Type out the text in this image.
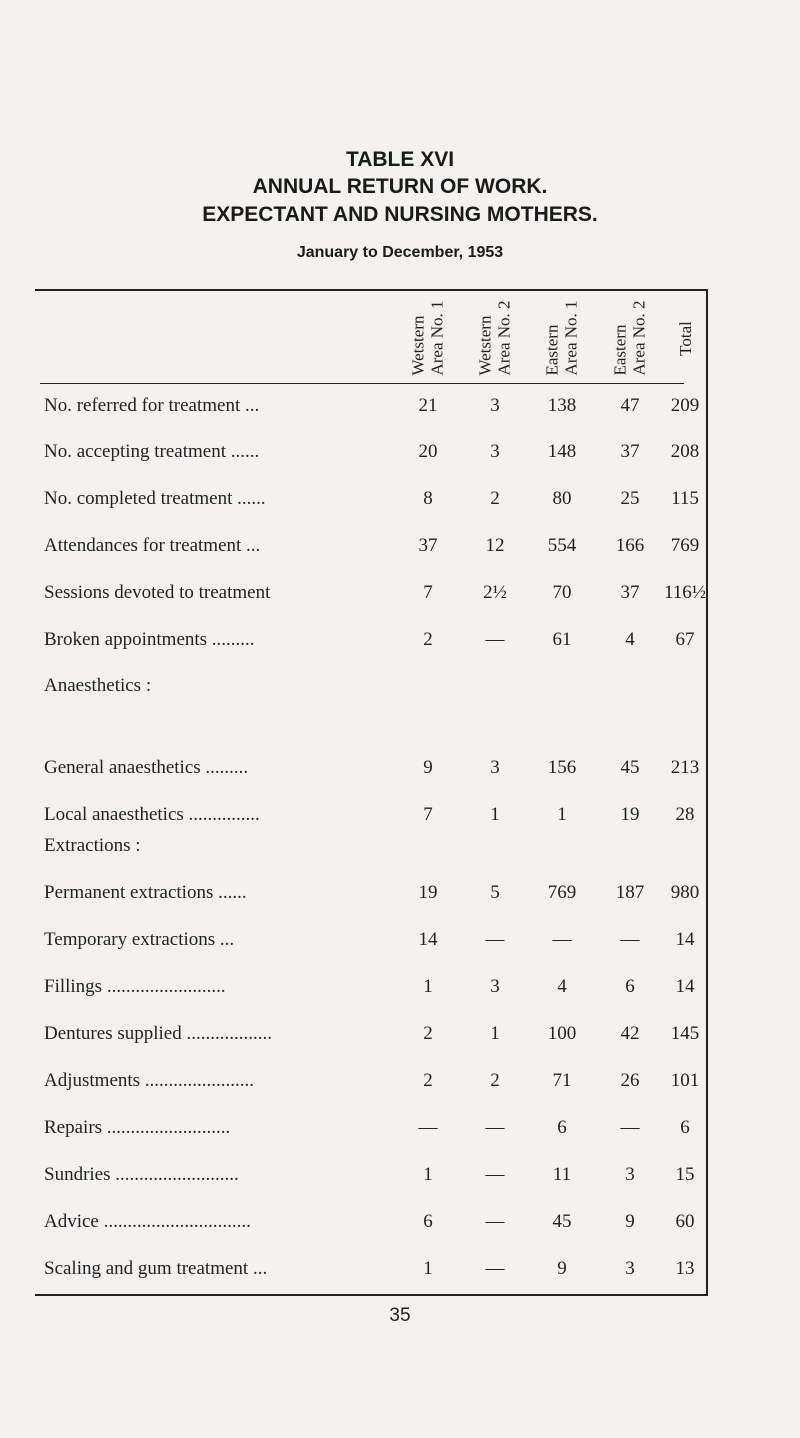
TABLE XVI
ANNUAL RETURN OF WORK.
EXPECTANT AND NURSING MOTHERS.
January to December, 1953
Wetstern Area No. 1 Wetstern Area No. 2 Eastern Area No. 1 Eastern Area No. 2 Total
No. referred for treatment ...	21	3	138	47	209
No. accepting treatment ......	20	3	148	37	208
No. completed treatment ......	8	2	80	25	115
Attendances for treatment ...	37	12	554	166	769
Sessions devoted to treatment	7	2½	70	37	116½
Broken appointments .........	2	—	61	4	67
Anaesthetics :
General anaesthetics .........	9	3	156	45	213
Local anaesthetics ...............	7	1	1	19	28
Extractions :
Permanent extractions ......	19	5	769	187	980
Temporary extractions ...	14	—	—	—	14
Fillings .........................	1	3	4	6	14
Dentures supplied ..................	2	1	100	42	145
Adjustments .......................	2	2	71	26	101
Repairs ..........................	—	—	6	—	6
Sundries ..........................	1	—	11	3	15
Advice ...............................	6	—	45	9	60
Scaling and gum treatment ...	1	—	9	3	13
35
